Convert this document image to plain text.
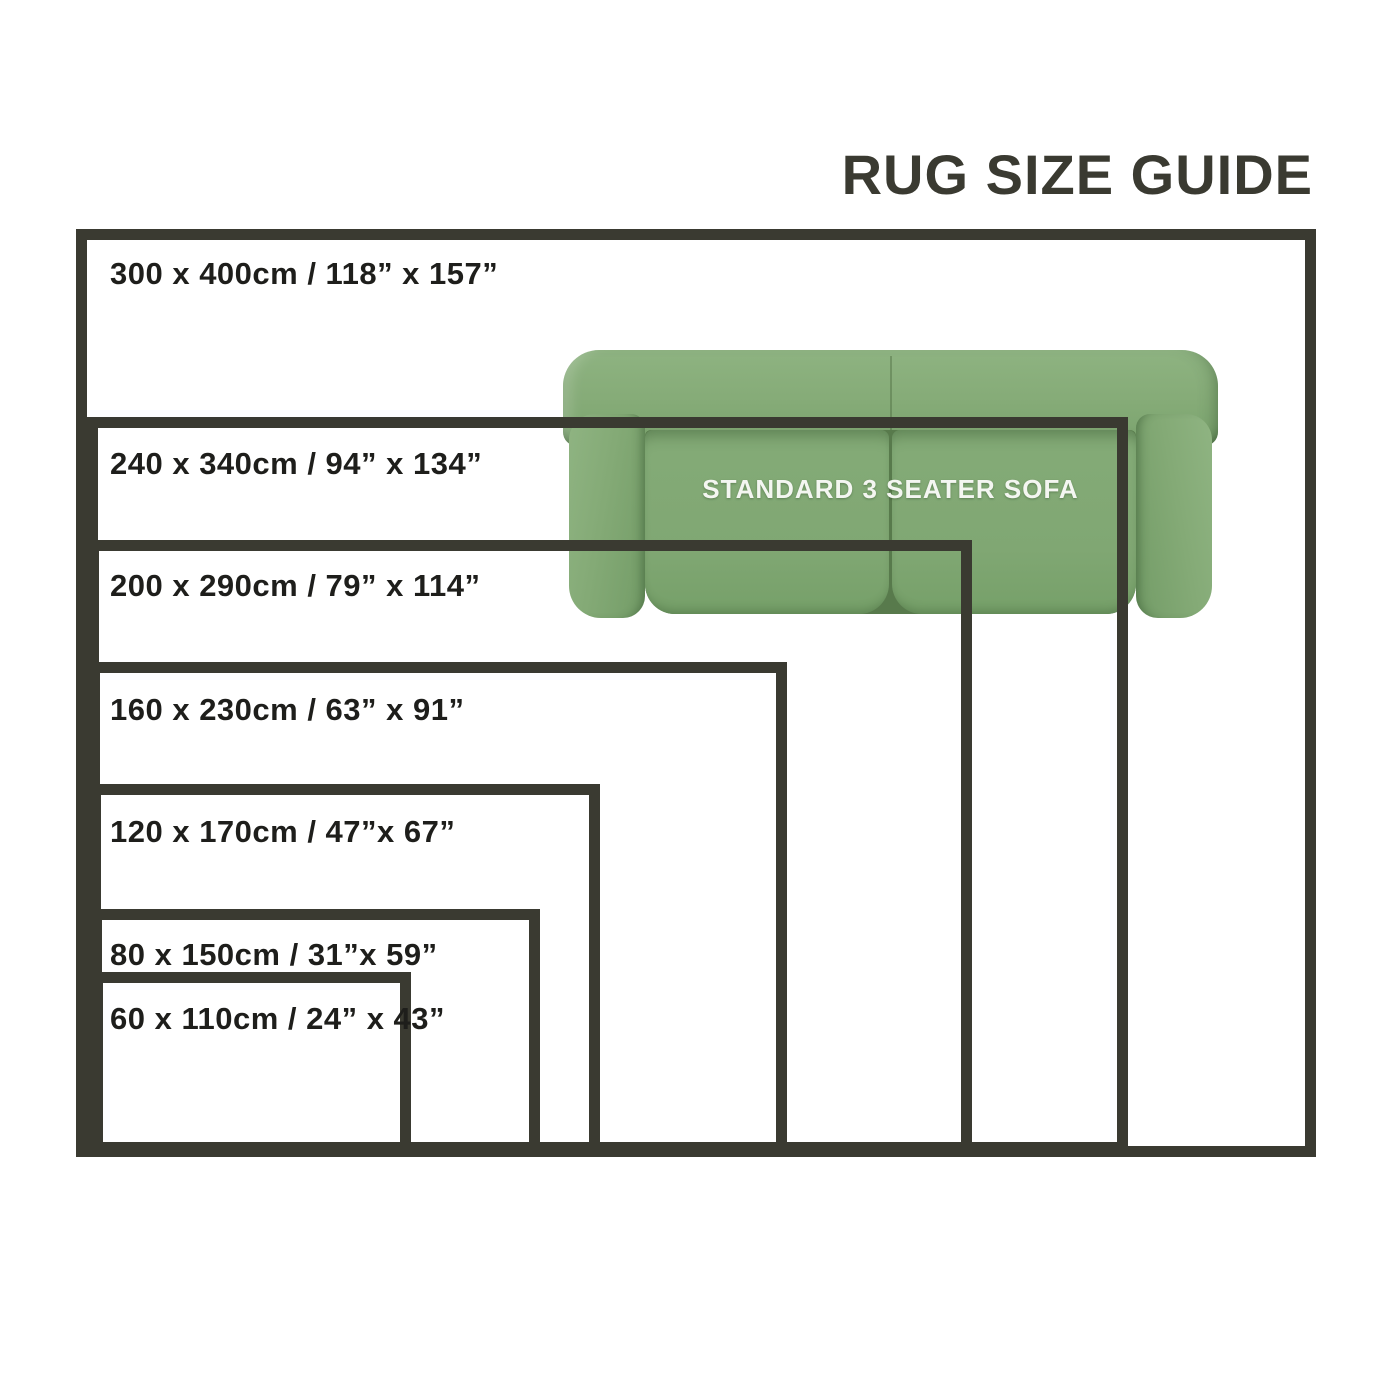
RUG SIZE GUIDE
STANDARD 3 SEATER SOFA
300 x 400cm / 118” x 157”
240 x 340cm / 94” x 134”
200 x 290cm / 79” x 114”
160 x 230cm / 63” x 91”
120 x 170cm / 47”x 67”
80 x 150cm / 31”x 59”
60 x 110cm / 24” x 43”
